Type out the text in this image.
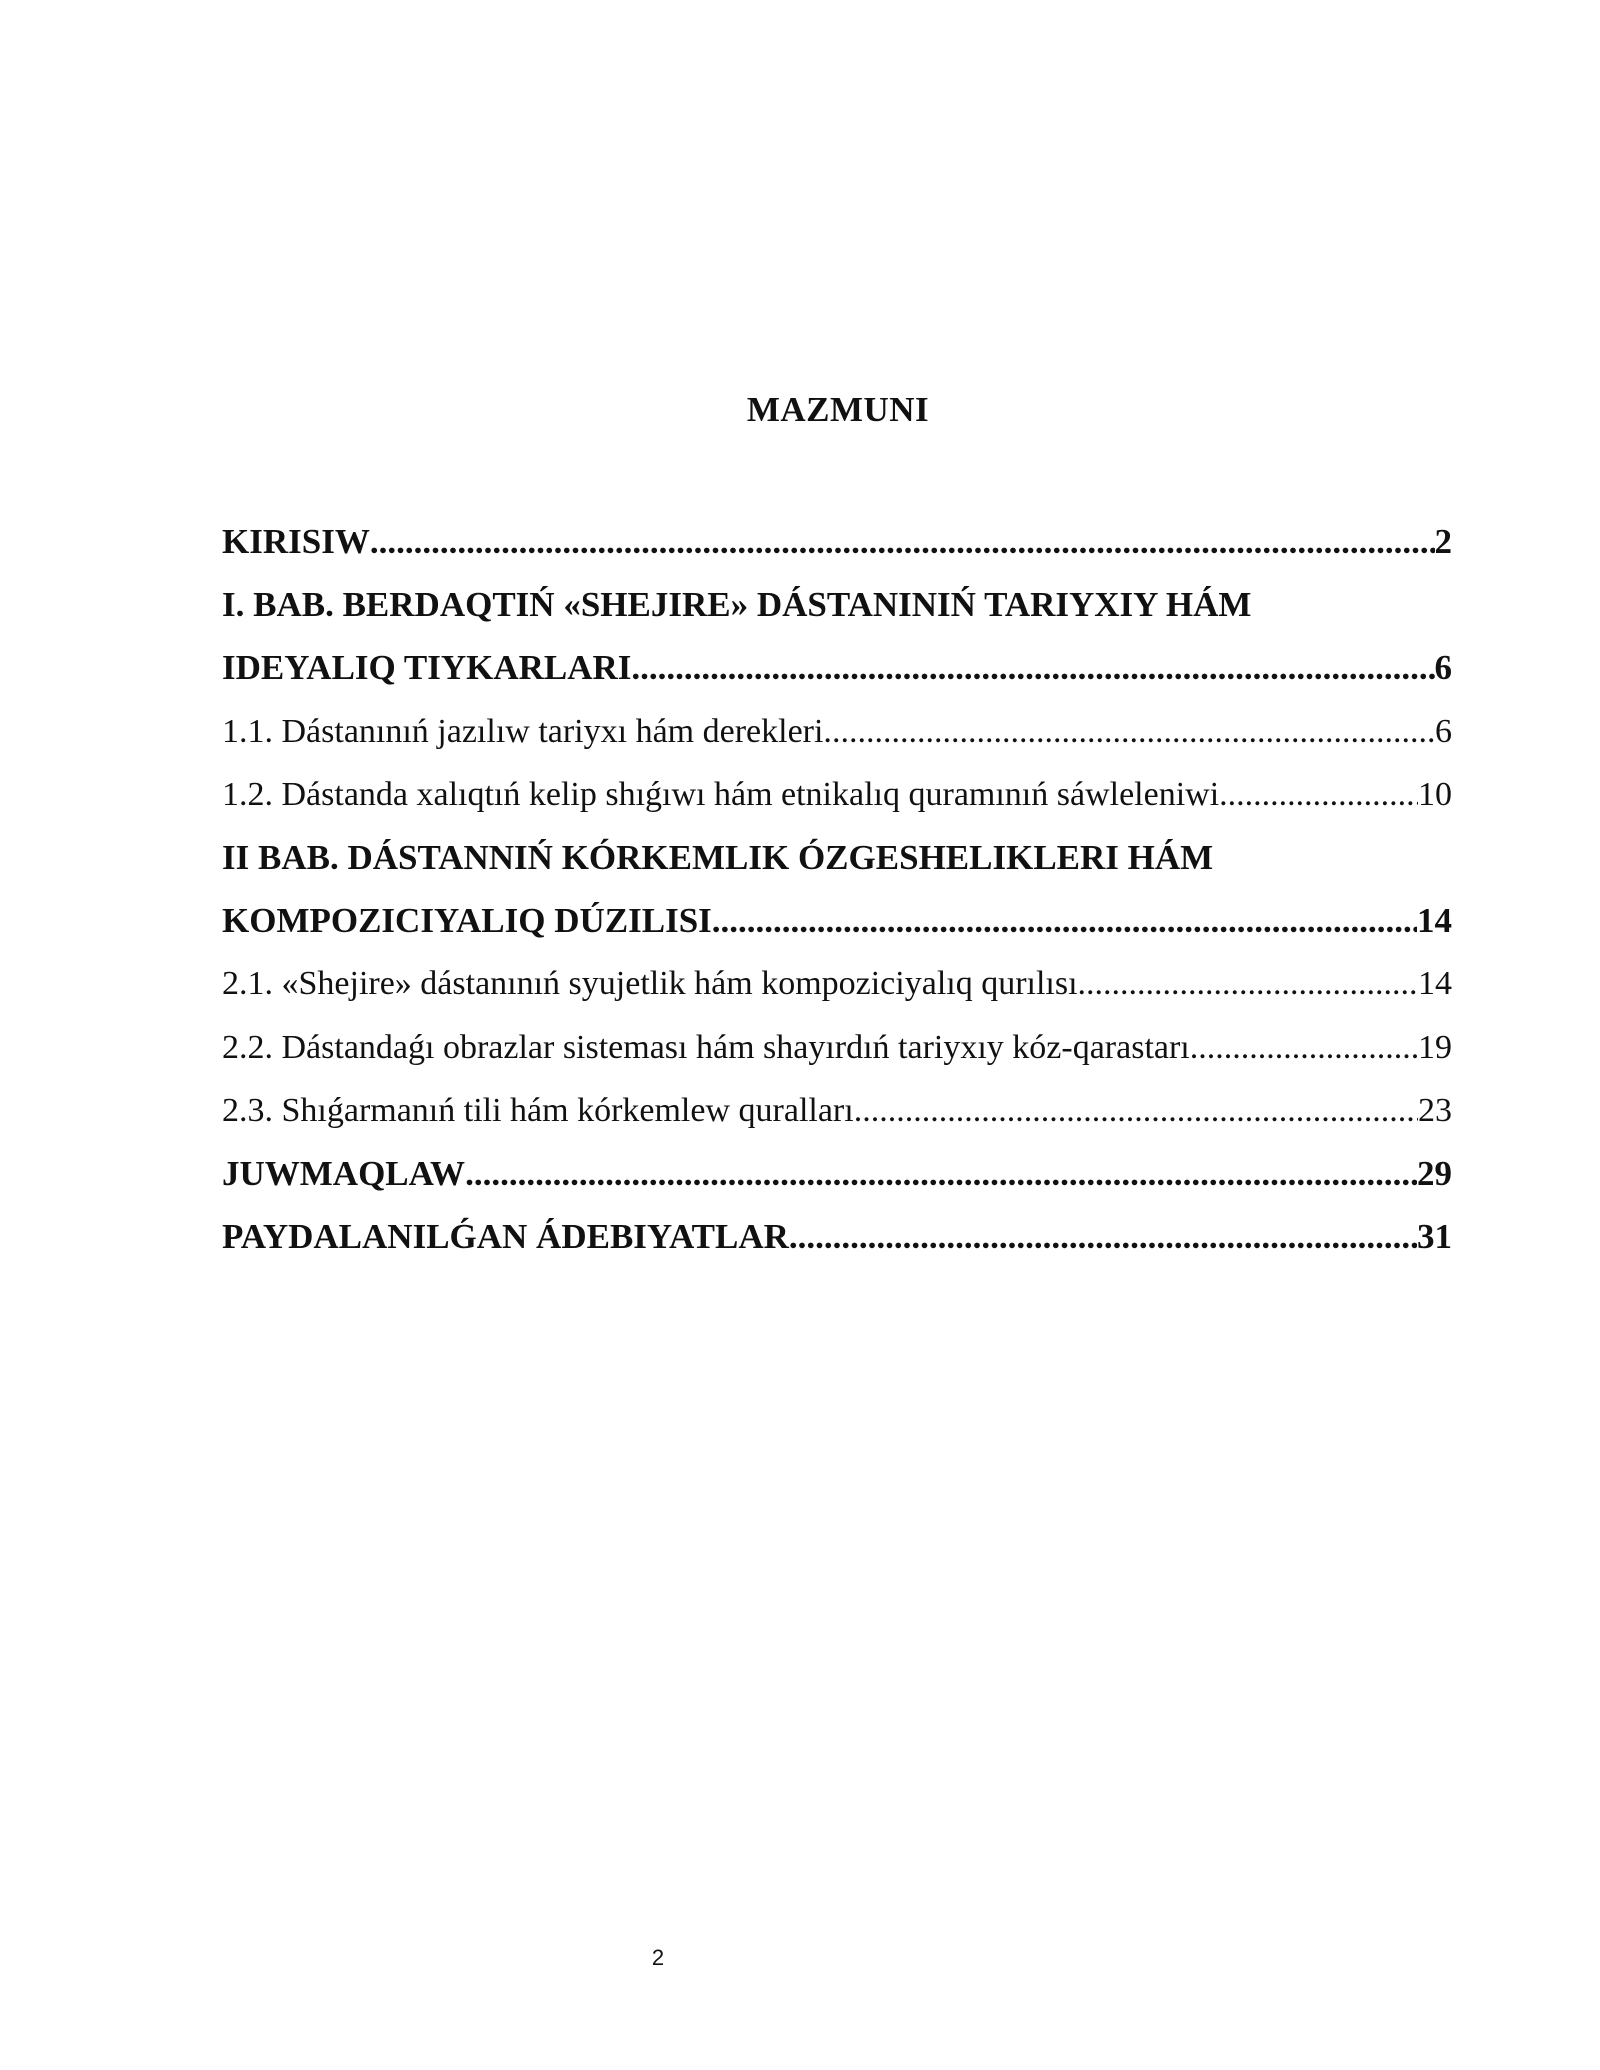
MAZMUNI
KIRISIW .....	2
I. BAB. BERDAQTIŃ «SHEJIRE» DÁSTANINIŃ TARIYXIY HÁM
IDEYALIQ TIYKARLARI .....	6
1.1. Dástanınıń jazılıw tariyxı hám derekleri. .....	6
1.2. Dástanda xalıqtıń kelip shıǵıwı hám etnikalıq quramınıń sáwleleniwi. .....	10
II BAB. DÁSTANNIŃ KÓRKEMLIK ÓZGESHELIKLERI HÁM
KOMPOZICIYALIQ DÚZILISI .....	14
2.1. «Shejire» dástanınıń syujetlik hám kompoziciyalıq qurılısı. .....	14
2.2. Dástandaǵı obrazlar sisteması hám shayırdıń tariyxıy kóz-qarastarı. .....	19
2.3. Shıǵarmanıń tili hám kórkemlew quralları. .....	23
JUWMAQLAW .....	29
PAYDALANILǴAN ÁDEBIYATLAR .....	31
2
